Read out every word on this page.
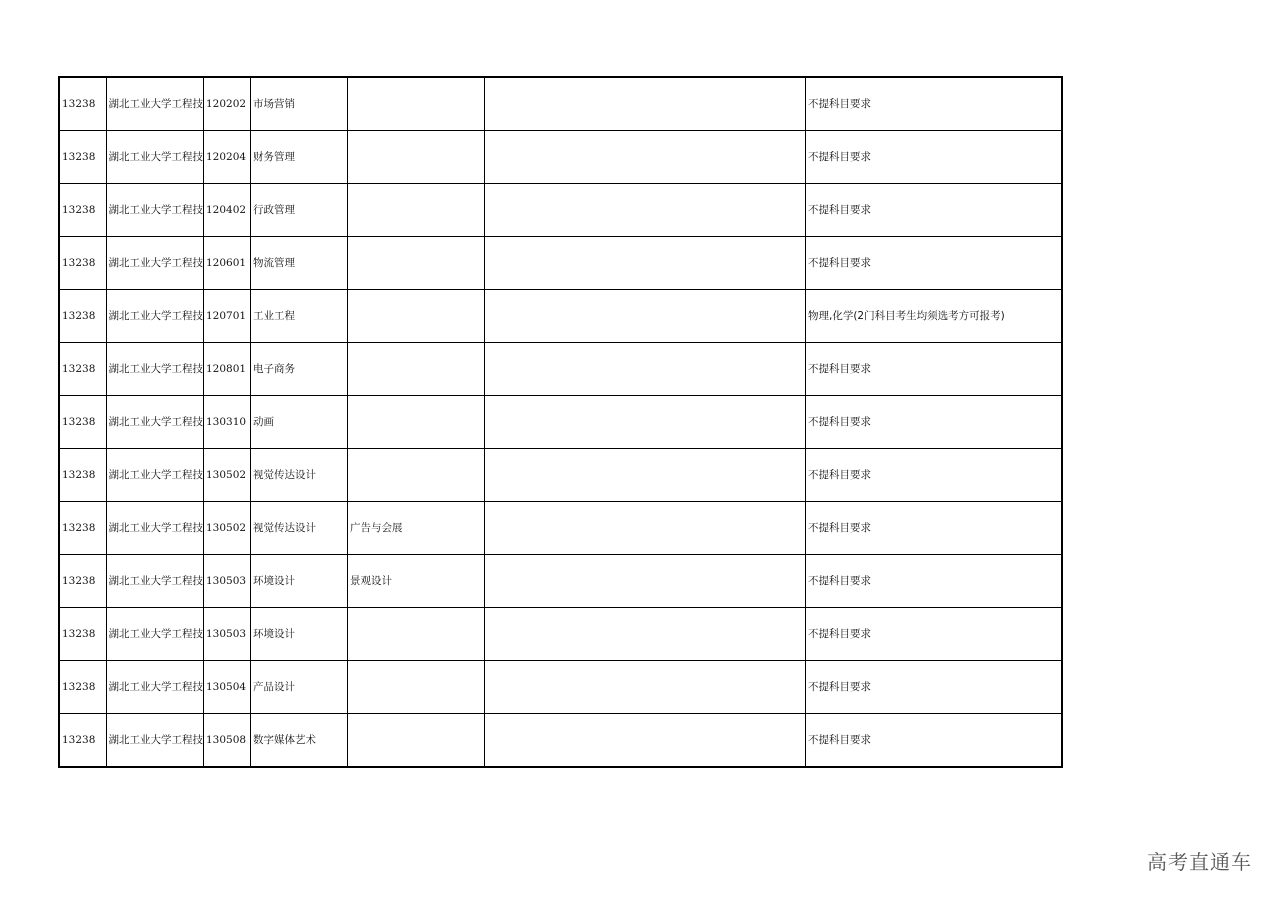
13238	湖北工业大学工程技	120202	市场营销			不提科目要求
13238	湖北工业大学工程技	120204	财务管理			不提科目要求
13238	湖北工业大学工程技	120402	行政管理			不提科目要求
13238	湖北工业大学工程技	120601	物流管理			不提科目要求
13238	湖北工业大学工程技	120701	工业工程			物理,化学(2门科目考生均须选考方可报考)
13238	湖北工业大学工程技	120801	电子商务			不提科目要求
13238	湖北工业大学工程技	130310	动画			不提科目要求
13238	湖北工业大学工程技	130502	视觉传达设计			不提科目要求
13238	湖北工业大学工程技	130502	视觉传达设计	广告与会展		不提科目要求
13238	湖北工业大学工程技	130503	环境设计	景观设计		不提科目要求
13238	湖北工业大学工程技	130503	环境设计			不提科目要求
13238	湖北工业大学工程技	130504	产品设计			不提科目要求
13238	湖北工业大学工程技	130508	数字媒体艺术			不提科目要求
高考直通车
